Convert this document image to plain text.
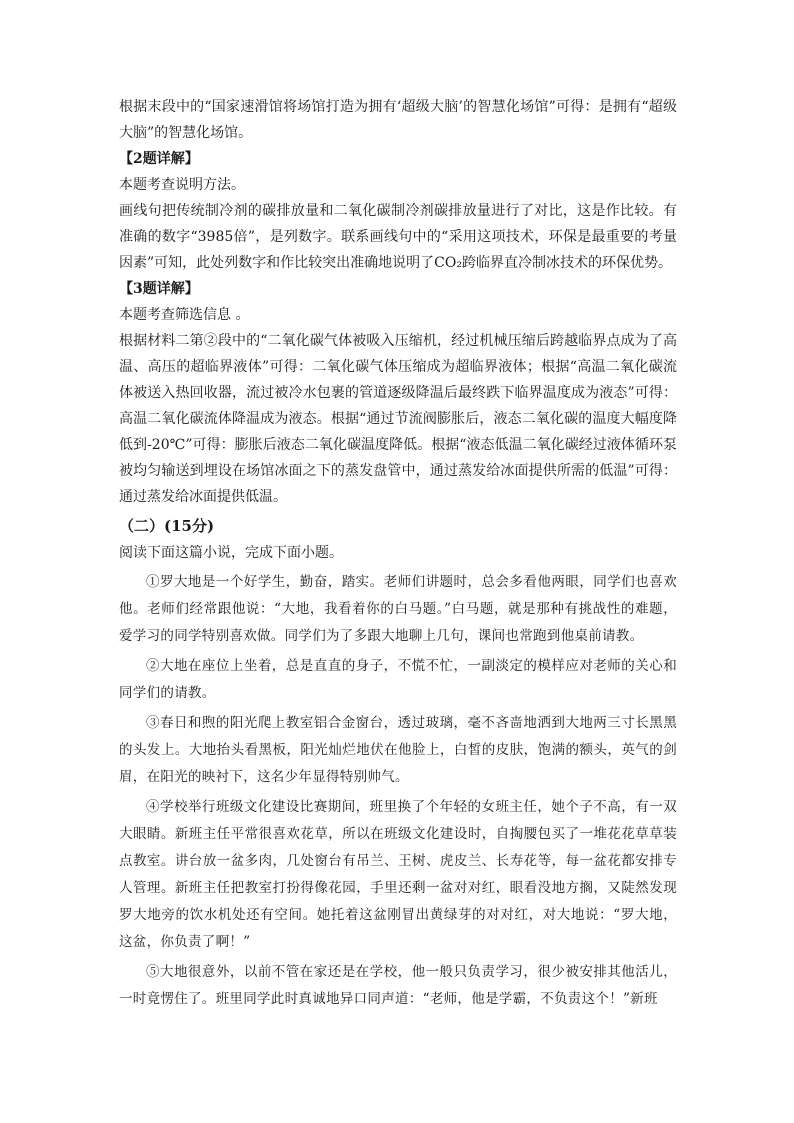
根据末段中的“国家速滑馆将场馆打造为拥有‘超级大脑’的智慧化场馆”可得：是拥有“超级大脑”的智慧化场馆。

【2题详解】

本题考查说明方法。

画线句把传统制冷剂的碳排放量和二氧化碳制冷剂碳排放量进行了对比，这是作比较。有准确的数字“3985倍”，是列数字。联系画线句中的“采用这项技术，环保是最重要的考量因素”可知，此处列数字和作比较突出准确地说明了CO₂跨临界直冷制冰技术的环保优势。

【3题详解】

本题考查筛选信息 。

根据材料二第②段中的“二氧化碳气体被吸入压缩机，经过机械压缩后跨越临界点成为了高温、高压的超临界液体”可得：二氧化碳气体压缩成为超临界液体；根据“高温二氧化碳流体被送入热回收器，流过被冷水包裹的管道逐级降温后最终跌下临界温度成为液态”可得：高温二氧化碳流体降温成为液态。根据“通过节流阀膨胀后，液态二氧化碳的温度大幅度降低到-20℃”可得：膨胀后液态二氧化碳温度降低。根据“液态低温二氧化碳经过液体循环泵被均匀输送到埋设在场馆冰面之下的蒸发盘管中，通过蒸发给冰面提供所需的低温”可得：通过蒸发给冰面提供低温。

（二）(15分)

阅读下面这篇小说，完成下面小题。

①罗大地是一个好学生，勤奋，踏实。老师们讲题时，总会多看他两眼，同学们也喜欢他。老师们经常跟他说：“大地，我看着你的白马题。”白马题，就是那种有挑战性的难题，爱学习的同学特别喜欢做。同学们为了多跟大地聊上几句，课间也常跑到他桌前请教。

②大地在座位上坐着，总是直直的身子，不慌不忙，一副淡定的模样应对老师的关心和同学们的请教。

③春日和煦的阳光爬上教室铝合金窗台，透过玻璃，毫不吝啬地洒到大地两三寸长黑黑的头发上。大地抬头看黑板，阳光灿烂地伏在他脸上，白皙的皮肤，饱满的额头，英气的剑眉，在阳光的映衬下，这名少年显得特别帅气。

④学校举行班级文化建设比赛期间，班里换了个年轻的女班主任，她个子不高，有一双大眼睛。新班主任平常很喜欢花草，所以在班级文化建设时，自掏腰包买了一堆花花草草装点教室。讲台放一盆多肉，几处窗台有吊兰、王树、虎皮兰、长寿花等，每一盆花都安排专人管理。新班主任把教室打扮得像花园，手里还剩一盆对对红，眼看没地方搁，又陡然发现罗大地旁的饮水机处还有空间。她托着这盆刚冒出黄绿芽的对对红，对大地说：“罗大地，这盆，你负责了啊！”

⑤大地很意外，以前不管在家还是在学校，他一般只负责学习，很少被安排其他活儿，一时竟愣住了。班里同学此时真诚地异口同声道：“老师，他是学霸，不负责这个！”新班
